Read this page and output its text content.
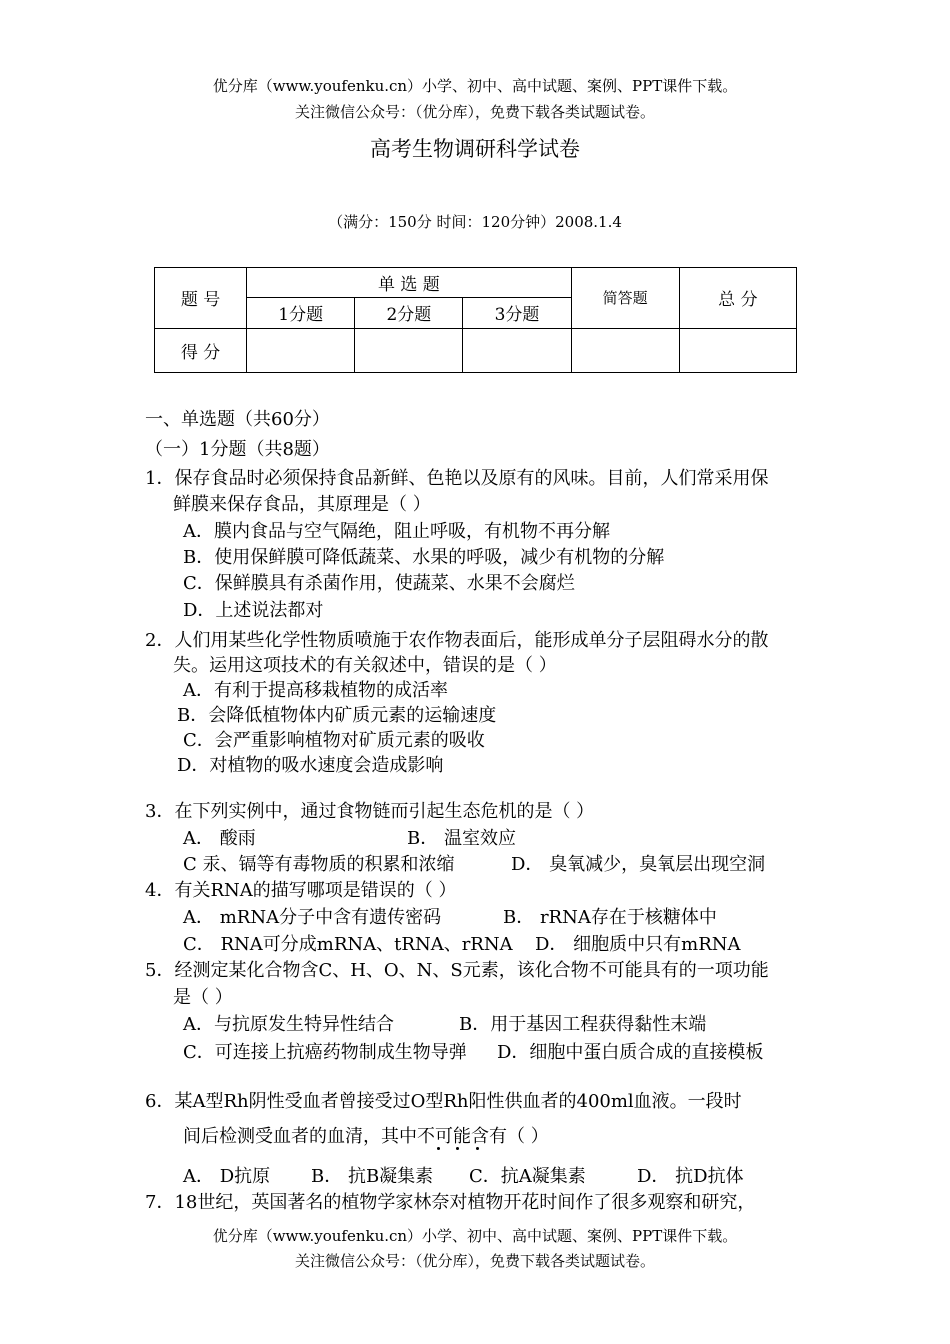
优分库（www.youfenku.cn）小学、初中、高中试题、案例、PPT课件下载。
关注微信公众号：（优分库），免费下载各类试题试卷。
高考生物调研科学试卷
（满分：150分 时间：120分钟）2008.1.4
题 号	单 选 题			简答题	总 分
	1分题	2分题	3分题		
得 分					
一、单选题（共60分）
（一）1分题（共8题）
1．保存食品时必须保持食品新鲜、色艳以及原有的风味。目前，人们常采用保
鲜膜来保存食品，其原理是（ ）
A．膜内食品与空气隔绝，阻止呼吸，有机物不再分解
B．使用保鲜膜可降低蔬菜、水果的呼吸，减少有机物的分解
C．保鲜膜具有杀菌作用，使蔬菜、水果不会腐烂
D．上述说法都对
2．人们用某些化学性物质喷施于农作物表面后，能形成单分子层阻碍水分的散
失。运用这项技术的有关叙述中，错误的是（ ）
A．有利于提高移栽植物的成活率
B．会降低植物体内矿质元素的运输速度
C．会严重影响植物对矿质元素的吸收
D．对植物的吸水速度会造成影响
3．在下列实例中，通过食物链而引起生态危机的是（ ）
A． 酸雨	B． 温室效应
C 汞、镉等有毒物质的积累和浓缩	D． 臭氧减少，臭氧层出现空洞
4．有关RNA的描写哪项是错误的（ ）
A． mRNA分子中含有遗传密码	B． rRNA存在于核糖体中
C． RNA可分成mRNA、tRNA、rRNA D． 细胞质中只有mRNA
5．经测定某化合物含C、H、O、N、S元素，该化合物不可能具有的一项功能
是（ ）
A．与抗原发生特异性结合	B．用于基因工程获得黏性末端
C．可连接上抗癌药物制成生物导弹 D．细胞中蛋白质合成的直接模板
6．某A型Rh阴性受血者曾接受过O型Rh阳性供血者的400ml血液。一段时
间后检测受血者的血清，其中不可能含有（ ）
A． D抗原 B． 抗B凝集素 C．抗A凝集素	D． 抗D抗体
7．18世纪，英国著名的植物学家林奈对植物开花时间作了很多观察和研究，
优分库（www.youfenku.cn）小学、初中、高中试题、案例、PPT课件下载。
关注微信公众号：（优分库），免费下载各类试题试卷。
